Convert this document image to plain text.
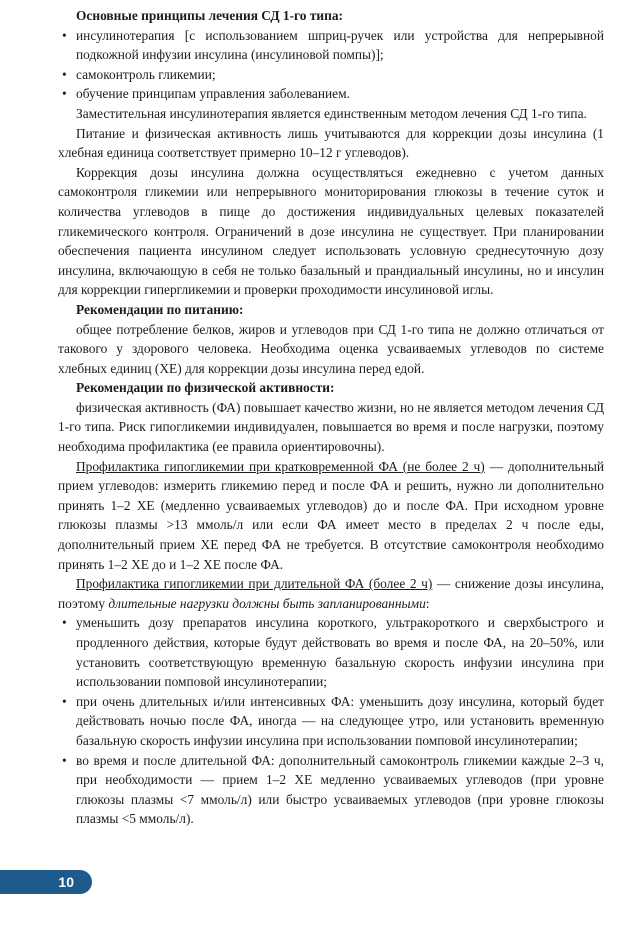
Основные принципы лечения СД 1-го типа:

• инсулинотерапия [с использованием шприц-ручек или устройства для непрерывной подкожной инфузии инсулина (инсулиновой помпы)];
• самоконтроль гликемии;
• обучение принципам управления заболеванием.

Заместительная инсулинотерапия является единственным методом лечения СД 1-го типа.

Питание и физическая активность лишь учитываются для коррекции дозы инсулина (1 хлебная единица соответствует примерно 10–12 г углеводов).

Коррекция дозы инсулина должна осуществляться ежедневно с учетом данных самоконтроля гликемии или непрерывного мониторирования глюкозы в течение суток и количества углеводов в пище до достижения индивидуальных целевых показателей гликемического контроля. Ограничений в дозе инсулина не существует. При планировании обеспечения пациента инсулином следует использовать условную среднесуточную дозу инсулина, включающую в себя не только базальный и прандиальный инсулины, но и инсулин для коррекции гипергликемии и проверки проходимости инсулиновой иглы.

Рекомендации по питанию:

общее потребление белков, жиров и углеводов при СД 1-го типа не должно отличаться от такового у здорового человека. Необходима оценка усваиваемых углеводов по системе хлебных единиц (ХЕ) для коррекции дозы инсулина перед едой.

Рекомендации по физической активности:

физическая активность (ФА) повышает качество жизни, но не является методом лечения СД 1-го типа. Риск гипогликемии индивидуален, повышается во время и после нагрузки, поэтому необходима профилактика (ее правила ориентировочны).

Профилактика гипогликемии при кратковременной ФА (не более 2 ч) — дополнительный прием углеводов: измерить гликемию перед и после ФА и решить, нужно ли дополнительно принять 1–2 ХЕ (медленно усваиваемых углеводов) до и после ФА. При исходном уровне глюкозы плазмы >13 ммоль/л или если ФА имеет место в пределах 2 ч после еды, дополнительный прием ХЕ перед ФА не требуется. В отсутствие самоконтроля необходимо принять 1–2 ХЕ до и 1–2 ХЕ после ФА.

Профилактика гипогликемии при длительной ФА (более 2 ч) — снижение дозы инсулина, поэтому длительные нагрузки должны быть запланированными:

• уменьшить дозу препаратов инсулина короткого, ультракороткого и сверхбыстрого и продленного действия, которые будут действовать во время и после ФА, на 20–50%, или установить соответствующую временную базальную скорость инфузии инсулина при использовании помповой инсулинотерапии;
• при очень длительных и/или интенсивных ФА: уменьшить дозу инсулина, который будет действовать ночью после ФА, иногда — на следующее утро, или установить временную базальную скорость инфузии инсулина при использовании помповой инсулинотерапии;
• во время и после длительной ФА: дополнительный самоконтроль гликемии каждые 2–3 ч, при необходимости — прием 1–2 ХЕ медленно усваиваемых углеводов (при уровне глюкозы плазмы <7 ммоль/л) или быстро усваиваемых углеводов (при уровне глюкозы плазмы <5 ммоль/л).
10
